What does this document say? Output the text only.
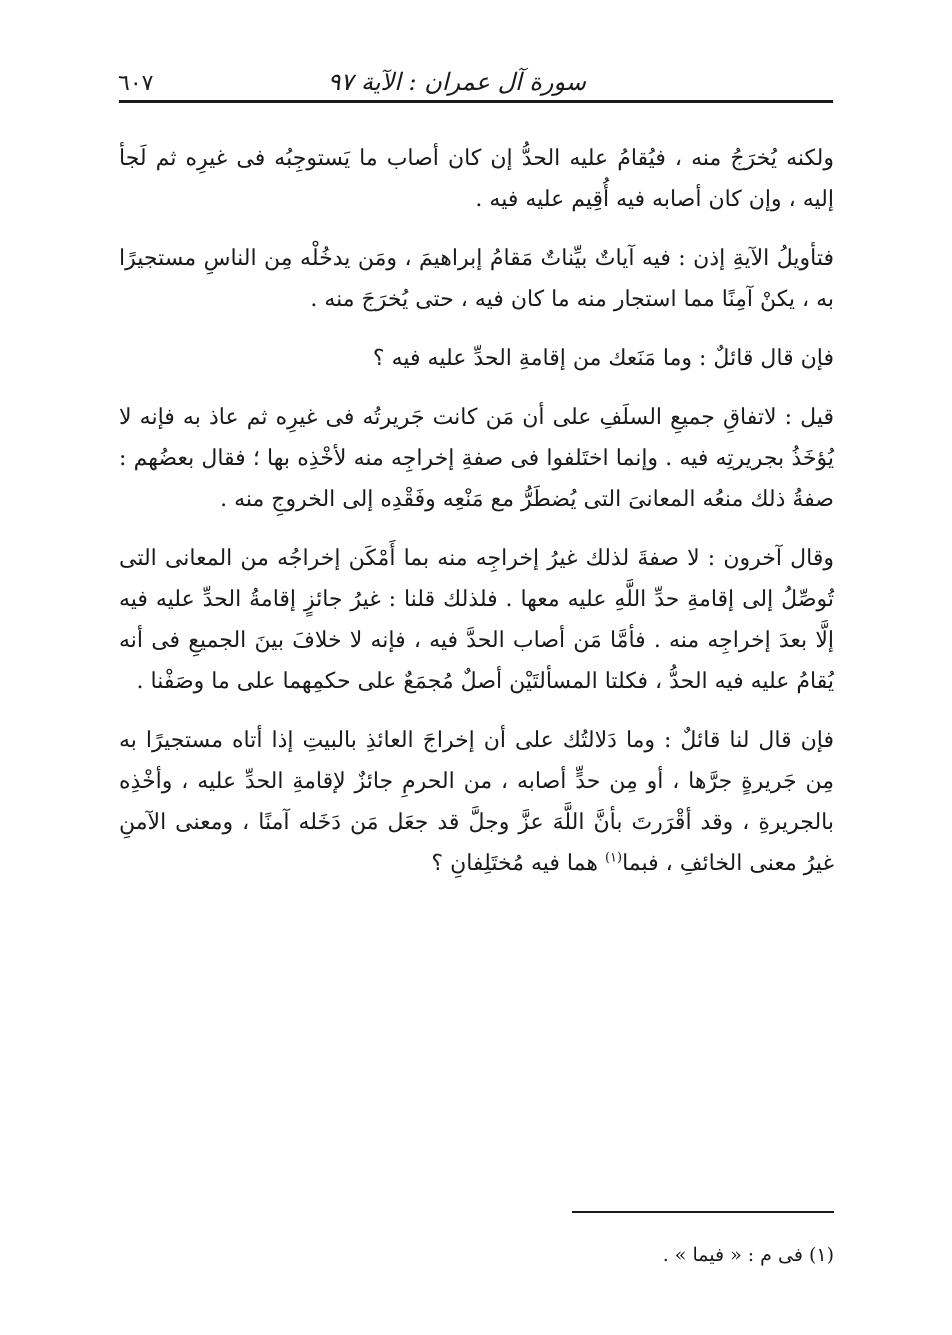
سورة آل عمران : الآية ٩٧
٦٠٧

ولكنه يُخرَجُ منه ، فيُقامُ عليه الحدُّ إن كان أصاب ما يَستوجِبُه فى غيرِه ثم لَجأ إليه ، وإن كان أصابه فيه أُقِيم عليه فيه .

فتأويلُ الآيةِ إذن : فيه آياتٌ بيِّناتٌ مَقامُ إبراهيمَ ، ومَن يدخُلْه مِن الناسِ مستجيرًا به ، يكنْ آمِنًا مما استجار منه ما كان فيه ، حتى يُخرَجَ منه .

فإن قال قائلٌ : وما مَنَعك من إقامةِ الحدِّ عليه فيه ؟

قيل : لاتفاقِ جميعِ السلَفِ على أن مَن كانت جَريرتُه فى غيرِه ثم عاذ به فإنه لا يُؤخَذُ بجريرتِه فيه . وإنما اختَلفوا فى صفةِ إخراجِه منه لأخْذِه بها ؛ فقال بعضُهم : صفةُ ذلك منعُه المعانىَ التى يُضطَرُّ مع مَنْعِه وفَقْدِه إلى الخروجِ منه .

وقال آخرون : لا صفةَ لذلك غيرُ إخراجِه منه بما أَمْكَن إخراجُه من المعانى التى تُوصِّلُ إلى إقامةِ حدِّ اللَّهِ عليه معها . فلذلك قلنا : غيرُ جائزٍ إقامةُ الحدِّ عليه فيه إلَّا بعدَ إخراجِه منه . فأمَّا مَن أصاب الحدَّ فيه ، فإنه لا خلافَ بينَ الجميعِ فى أنه يُقامُ عليه فيه الحدُّ ، فكلتا المسألتَيْن أصلٌ مُجمَعٌ على حكمِهما على ما وصَفْنا .

فإن قال لنا قائلٌ : وما دَلالتُك على أن إخراجَ العائذِ بالبيتِ إذا أتاه مستجيرًا به مِن جَريرةٍ جرَّها ، أو مِن حدٍّ أصابه ، من الحرمِ جائزٌ لإقامةِ الحدِّ عليه ، وأخْذِه بالجريرةِ ، وقد أقْرَرتَ بأنَّ اللَّهَ عزَّ وجلَّ قد جعَل مَن دَخَله آمنًا ، ومعنى الآمنِ غيرُ معنى الخائفِ ، فبما$^{(١)}$ هما فيه مُختَلِفانِ ؟

(١) فى م : « فيما » .
